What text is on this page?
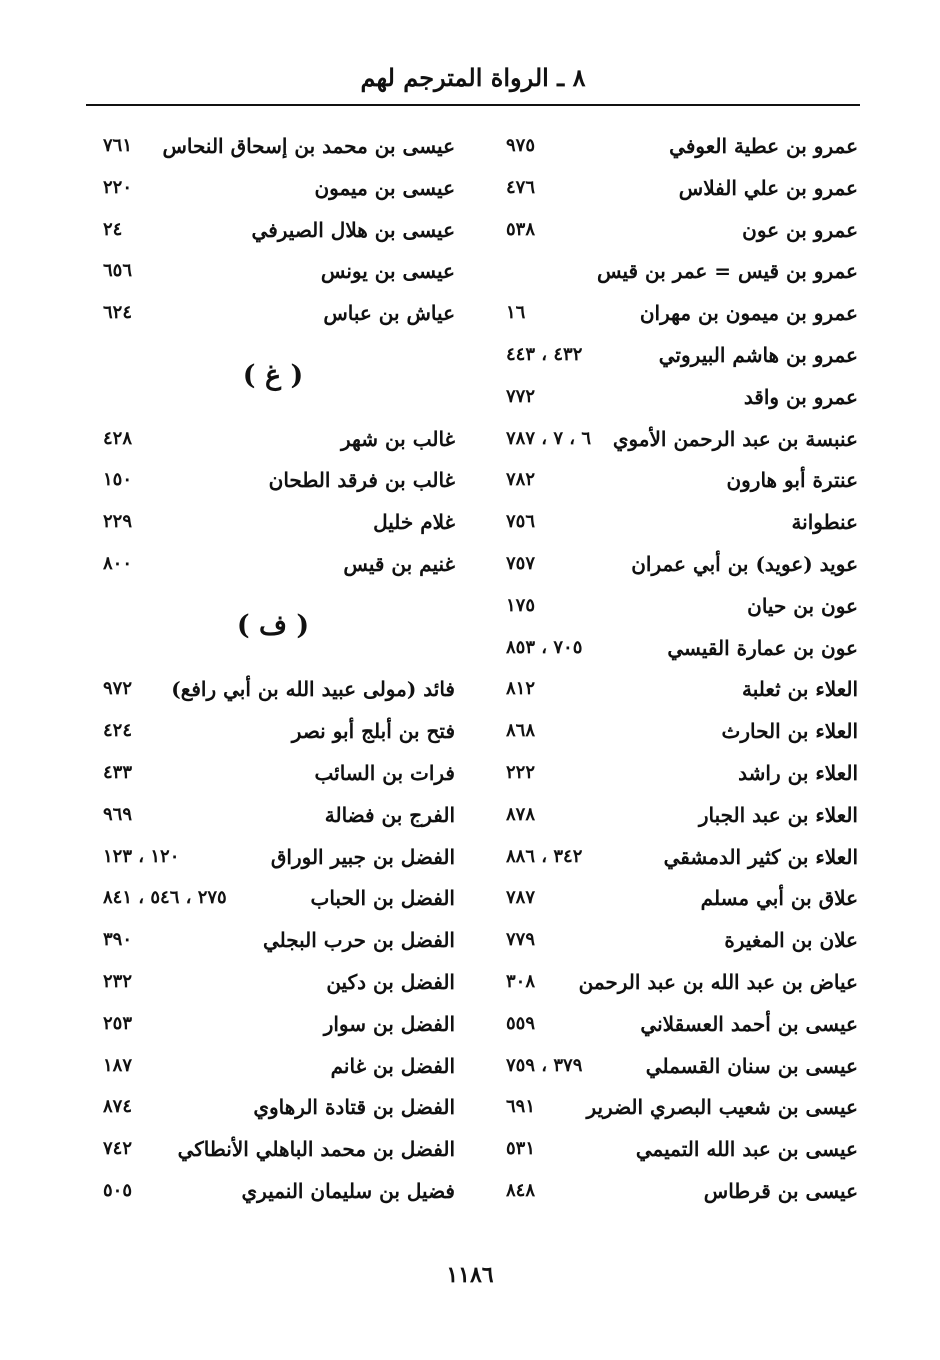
٨ ـ الرواة المترجم لهم
عمرو بن عطية العوفي
٩٧٥
عمرو بن علي الفلاس
٤٧٦
عمرو بن عون
٥٣٨
عمرو بن قيس = عمر بن قيس
عمرو بن ميمون بن مهران
١٦
عمرو بن هاشم البيروتي
٤٣٢ ، ٤٤٣
عمرو بن واقد
٧٧٢
عنبسة بن عبد الرحمن الأموي
٦ ، ٧ ، ٧٨٧
عنترة أبو هارون
٧٨٢
عنطوانة
٧٥٦
عويد (عويد) بن أبي عمران
٧٥٧
عون بن حيان
١٧٥
عون بن عمارة القيسي
٧٠٥ ، ٨٥٣
العلاء بن ثعلبة
٨١٢
العلاء بن الحارث
٨٦٨
العلاء بن راشد
٢٢٢
العلاء بن عبد الجبار
٨٧٨
العلاء بن كثير الدمشقي
٣٤٢ ، ٨٨٦
علاق بن أبي مسلم
٧٨٧
علان بن المغيرة
٧٧٩
عياض بن عبد الله بن عبد الرحمن
٣٠٨
عيسى بن أحمد العسقلاني
٥٥٩
عيسى بن سنان القسملي
٣٧٩ ، ٧٥٩
عيسى بن شعيب البصري الضرير
٦٩١
عيسى بن عبد الله التميمي
٥٣١
عيسى بن قرطاس
٨٤٨
عيسى بن محمد بن إسحاق النحاس
٧٦١
عيسى بن ميمون
٢٢٠
عيسى بن هلال الصيرفي
٢٤
عيسى بن يونس
٦٥٦
عياش بن عباس
٦٢٤
( غ )
غالب بن شهر
٤٢٨
غالب بن فرقد الطحان
١٥٠
غلام خليل
٢٢٩
غنيم بن قيس
٨٠٠
( ف )
فائد (مولى عبيد الله بن أبي رافع)
٩٧٢
فتح بن أبلج أبو نصر
٤٢٤
فرات بن السائب
٤٣٣
الفرج بن فضالة
٩٦٩
الفضل بن جبير الوراق
١٢٠ ، ١٢٣
الفضل بن الحباب
٢٧٥ ، ٥٤٦ ، ٨٤١
الفضل بن حرب البجلي
٣٩٠
الفضل بن دكين
٢٣٢
الفضل بن سوار
٢٥٣
الفضل بن غانم
١٨٧
الفضل بن قتادة الرهاوي
٨٧٤
الفضل بن محمد الباهلي الأنطاكي
٧٤٢
فضيل بن سليمان النميري
٥٠٥
١١٨٦
